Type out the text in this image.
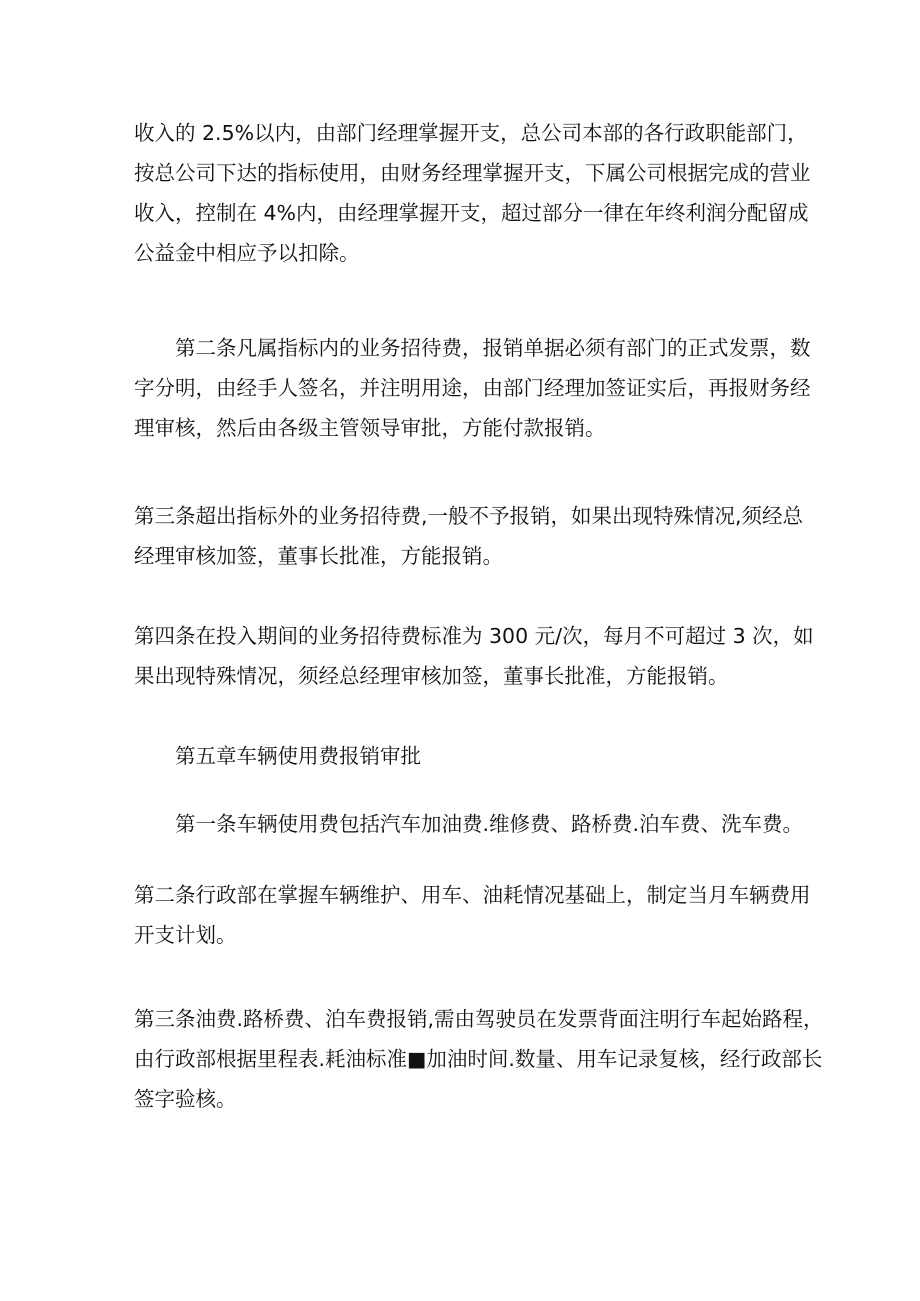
收入的 2.5%以内，由部门经理掌握开支，总公司本部的各行政职能部门，
按总公司下达的指标使用，由财务经理掌握开支，下属公司根据完成的营业
收入，控制在 4%内，由经理掌握开支，超过部分一律在年终利润分配留成
公益金中相应予以扣除。
第二条凡属指标内的业务招待费，报销单据必须有部门的正式发票，数
字分明，由经手人签名，并注明用途，由部门经理加签证实后，再报财务经
理审核，然后由各级主管领导审批，方能付款报销。
第三条超出指标外的业务招待费,一般不予报销，如果出现特殊情况,须经总
经理审核加签，董事长批准，方能报销。
第四条在投入期间的业务招待费标准为 300 元/次，每月不可超过 3 次，如
果出现特殊情况，须经总经理审核加签，董事长批准，方能报销。
第五章车辆使用费报销审批
第一条车辆使用费包括汽车加油费.维修费、路桥费.泊车费、洗车费。
第二条行政部在掌握车辆维护、用车、油耗情况基础上，制定当月车辆费用
开支计划。
第三条油费.路桥费、泊车费报销,需由驾驶员在发票背面注明行车起始路程，
由行政部根据里程表.耗油标准■加油时间.数量、用车记录复核，经行政部长
签字验核。
